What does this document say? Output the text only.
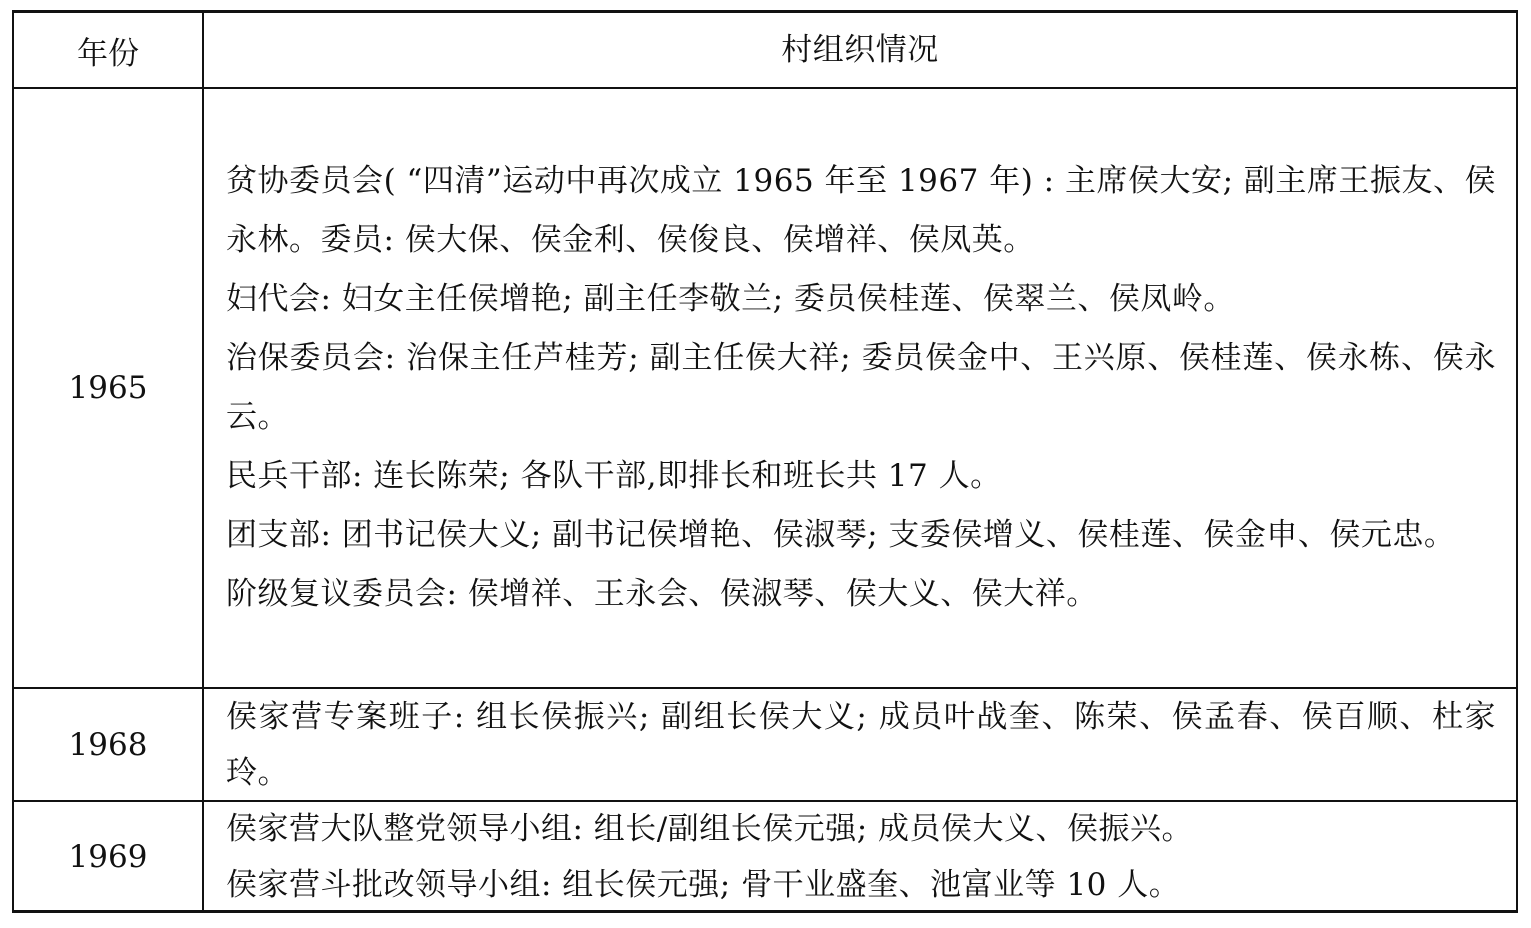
年份	村组织情况
1965

贫协委员会( “四清”运动中再次成立 1965 年至 1967 年) : 主席侯大安; 副主席王振友、侯永林。委员: 侯大保、侯金利、侯俊良、侯增祥、侯凤英。

妇代会: 妇女主任侯增艳; 副主任李敬兰; 委员侯桂莲、侯翠兰、侯凤岭。

治保委员会: 治保主任芦桂芳; 副主任侯大祥; 委员侯金中、王兴原、侯桂莲、侯永栋、侯永云。

民兵干部: 连长陈荣; 各队干部,即排长和班长共 17 人。

团支部: 团书记侯大义; 副书记侯增艳、侯淑琴; 支委侯增义、侯桂莲、侯金申、侯元忠。

阶级复议委员会: 侯增祥、王永会、侯淑琴、侯大义、侯大祥。

1968

侯家营专案班子: 组长侯振兴; 副组长侯大义; 成员叶战奎、陈荣、侯孟春、侯百顺、杜家玲。

1969

侯家营大队整党领导小组: 组长/副组长侯元强; 成员侯大义、侯振兴。

侯家营斗批改领导小组: 组长侯元强; 骨干业盛奎、池富业等 10 人。
